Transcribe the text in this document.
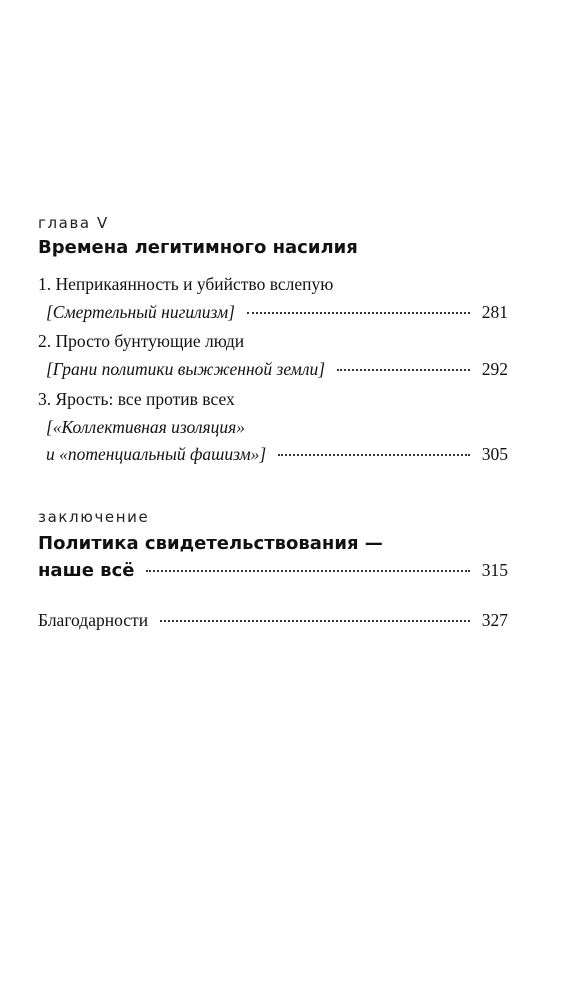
глава V
Времена легитимного насилия
1. Неприкаянность и убийство вслепую
[Смертельный нигилизм]	281
2. Просто бунтующие люди
[Грани политики выжженной земли]	292
3. Ярость: все против всех
[«Коллективная изоляция»
и «потенциальный фашизм»]	305
заключение
Политика свидетельствования —
наше всё	315
Благодарности	327
